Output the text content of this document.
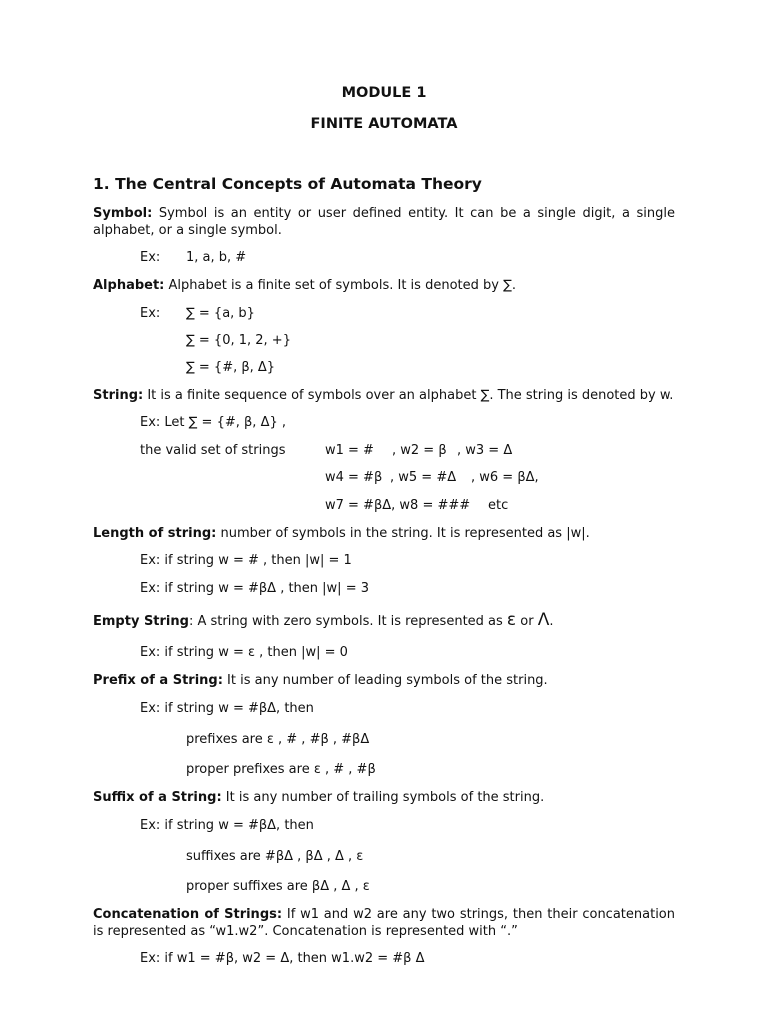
MODULE 1
FINITE AUTOMATA
1. The Central Concepts of Automata Theory
Symbol: Symbol is an entity or user defined entity. It can be a single digit, a single alphabet, or a single symbol.
Ex: 1, a, b, #
Alphabet: Alphabet is a finite set of symbols. It is denoted by ∑.
Ex: ∑ = {a, b}
∑ = {0, 1, 2, +}
∑ = {#, β, Δ}
String: It is a finite sequence of symbols over an alphabet ∑. The string is denoted by w.
Ex: Let ∑ = {#, β, Δ} ,
the valid set of strings	w1 = # , w2 = β , w3 = Δ
w4 = #β , w5 = #Δ , w6 = βΔ,
w7 = #βΔ, w8 = ### etc
Length of string: number of symbols in the string. It is represented as |w|.
Ex: if string w = # , then |w| = 1
Ex: if string w = #βΔ , then |w| = 3
Empty String: A string with zero symbols. It is represented as ε or Λ.
Ex: if string w = ε , then |w| = 0
Prefix of a String: It is any number of leading symbols of the string.
Ex: if string w = #βΔ, then
prefixes are ε , # , #β , #βΔ
proper prefixes are ε , # , #β
Suffix of a String: It is any number of trailing symbols of the string.
Ex: if string w = #βΔ, then
suffixes are #βΔ , βΔ , Δ , ε
proper suffixes are βΔ , Δ , ε
Concatenation of Strings: If w1 and w2 are any two strings, then their concatenation is represented as “w1.w2”. Concatenation is represented with “.”
Ex: if w1 = #β, w2 = Δ, then w1.w2 = #β Δ
